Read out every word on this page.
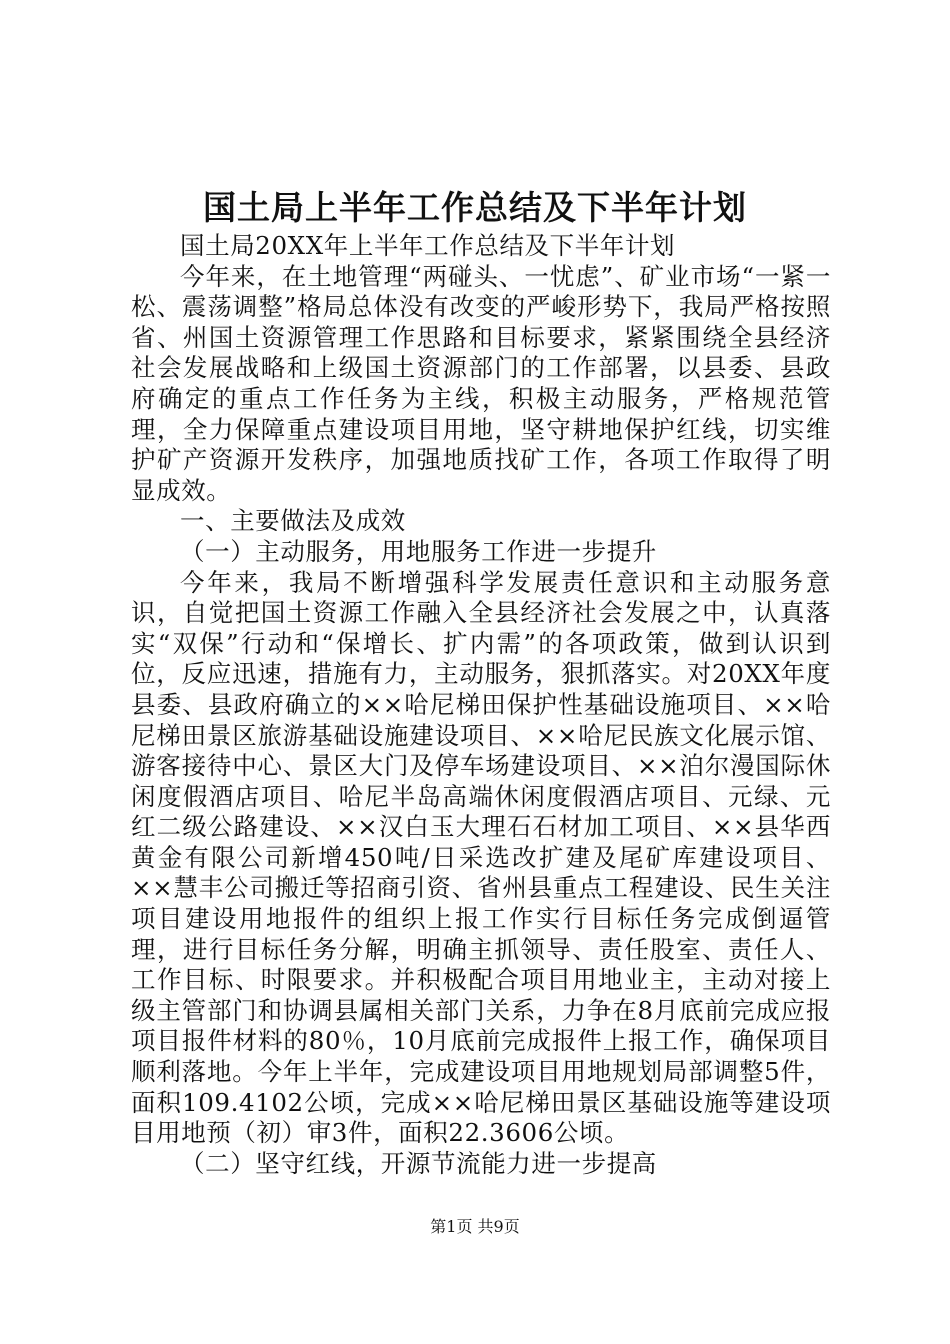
国土局上半年工作总结及下半年计划

国土局20XX年上半年工作总结及下半年计划

今年来，在土地管理“两碰头、一忧虑”、矿业市场“一紧一松、震荡调整”格局总体没有改变的严峻形势下，我局严格按照省、州国土资源管理工作思路和目标要求，紧紧围绕全县经济社会发展战略和上级国土资源部门的工作部署，以县委、县政府确定的重点工作任务为主线，积极主动服务，严格规范管理，全力保障重点建设项目用地，坚守耕地保护红线，切实维护矿产资源开发秩序，加强地质找矿工作，各项工作取得了明显成效。

一、主要做法及成效

（一）主动服务，用地服务工作进一步提升

今年来，我局不断增强科学发展责任意识和主动服务意识，自觉把国土资源工作融入全县经济社会发展之中，认真落实“双保”行动和“保增长、扩内需”的各项政策，做到认识到位，反应迅速，措施有力，主动服务，狠抓落实。对20XX年度县委、县政府确立的××哈尼梯田保护性基础设施项目、××哈尼梯田景区旅游基础设施建设项目、××哈尼民族文化展示馆、游客接待中心、景区大门及停车场建设项目、××泊尔漫国际休闲度假酒店项目、哈尼半岛高端休闲度假酒店项目、元绿、元红二级公路建设、××汉白玉大理石石材加工项目、××县华西黄金有限公司新增450吨/日采选改扩建及尾矿库建设项目、××慧丰公司搬迁等招商引资、省州县重点工程建设、民生关注项目建设用地报件的组织上报工作实行目标任务完成倒逼管理，进行目标任务分解，明确主抓领导、责任股室、责任人、工作目标、时限要求。并积极配合项目用地业主，主动对接上级主管部门和协调县属相关部门关系，力争在8月底前完成应报项目报件材料的80％，10月底前完成报件上报工作，确保项目顺利落地。今年上半年，完成建设项目用地规划局部调整5件，面积109.4102公顷，完成××哈尼梯田景区基础设施等建设项目用地预（初）审3件，面积22.3606公顷。

（二）坚守红线，开源节流能力进一步提高

第1页 共9页
